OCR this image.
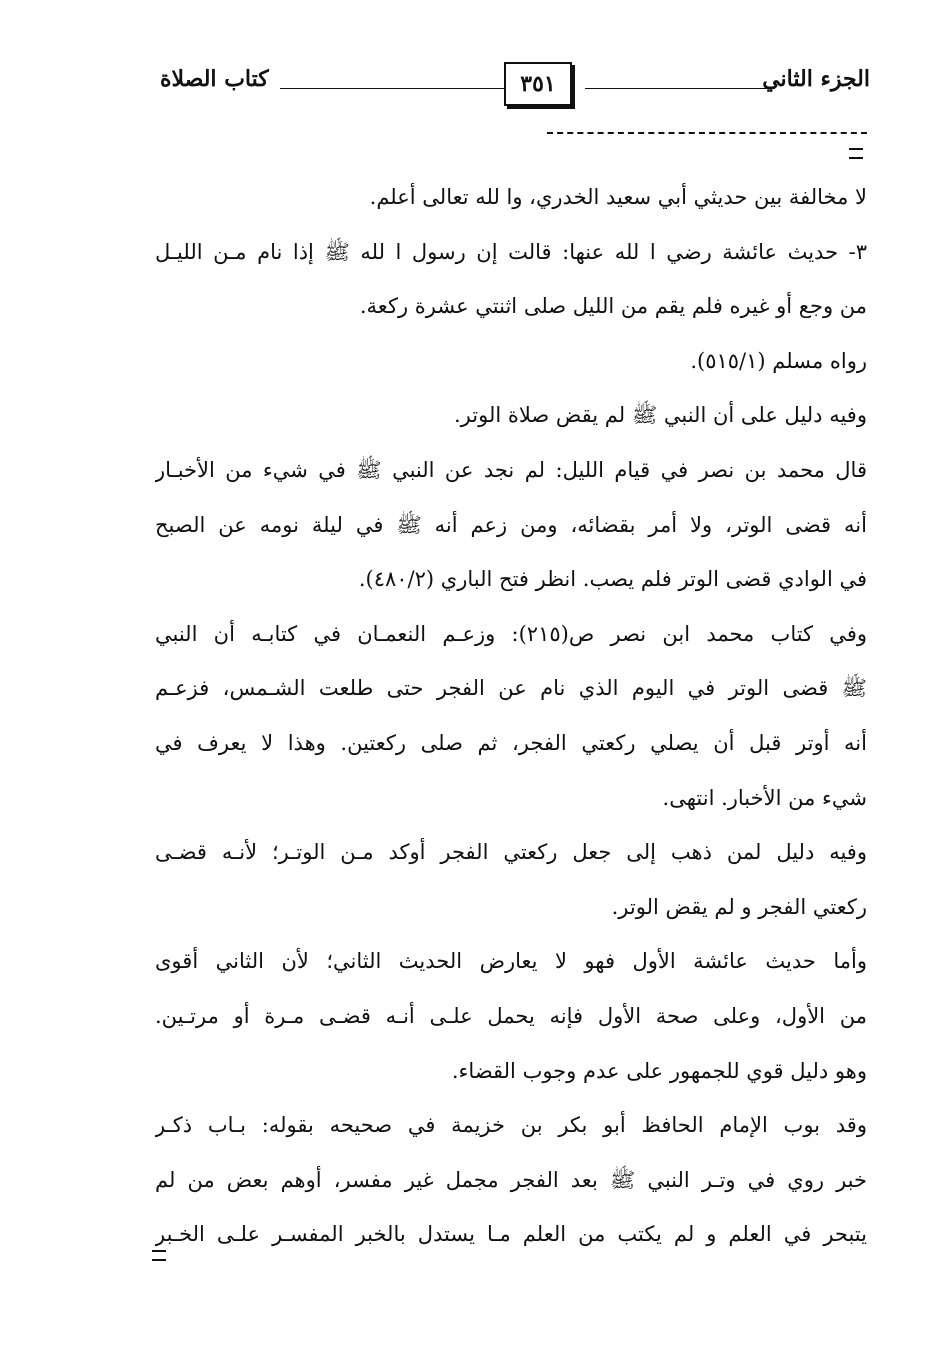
الجزء الثاني
٣٥١
كتاب الصلاة
لا مخالفة بين حديثي أبي سعيد الخدري، وا لله تعالى أعلم.
٣- حديث عائشة رضي ا لله عنها: قالت إن رسول ا لله ﷺ إذا نام مـن الليـل
من وجع أو غيره فلم يقم من الليل صلى اثنتي عشرة ركعة.
رواه مسلم (٥١٥/١).
وفيه دليل على أن النبي ﷺ لم يقض صلاة الوتر.
قال محمد بن نصر في قيام الليل: لم نجد عن النبي ﷺ في شيء من الأخبـار
أنه قضى الوتر، ولا أمر بقضائه، ومن زعم أنه ﷺ في ليلة نومه عن الصبح
في الوادي قضى الوتر فلم يصب. انظر فتح الباري (٤٨٠/٢).
وفي كتاب محمد ابن نصر ص(٢١٥): وزعـم النعمـان في كتابـه أن النبي
ﷺ قضى الوتر في اليوم الذي نام عن الفجر حتى طلعت الشـمس، فزعـم
أنه أوتر قبل أن يصلي ركعتي الفجر، ثم صلى ركعتين. وهذا لا يعرف في
شيء من الأخبار. انتهى.
وفيه دليل لمن ذهب إلى جعل ركعتي الفجر أوكد مـن الوتـر؛ لأنـه قضـى
ركعتي الفجر و لم يقض الوتر.
وأما حديث عائشة الأول فهو لا يعارض الحديث الثاني؛ لأن الثاني أقوى
من الأول، وعلى صحة الأول فإنه يحمل علـى أنـه قضـى مـرة أو مرتـين.
وهو دليل قوي للجمهور على عدم وجوب القضاء.
وقد بوب الإمام الحافظ أبو بكر بن خزيمة في صحيحه بقوله: بـاب ذكـر
خبر روي في وتـر النبي ﷺ بعد الفجر مجمل غير مفسر، أوهم بعض من لم
يتبحر في العلم و لم يكتب من العلم مـا يستدل بالخبر المفسـر علـى الخـبر
